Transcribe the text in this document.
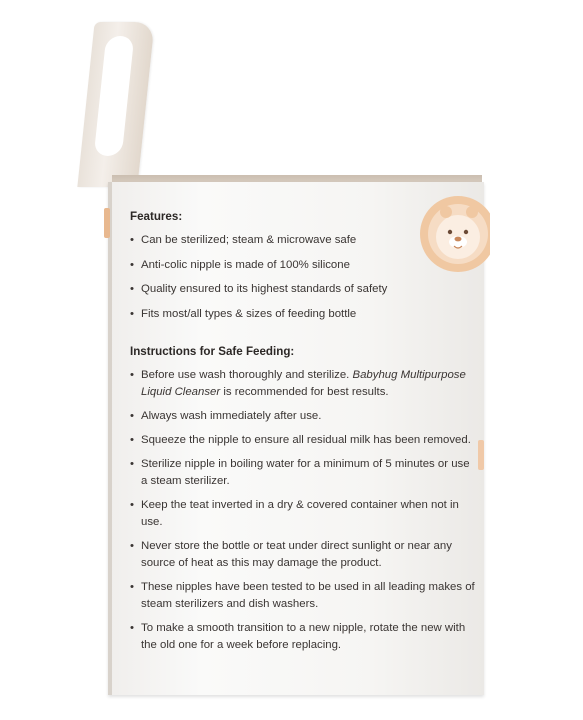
Features:
• Can be sterilized; steam & microwave safe
• Anti-colic nipple is made of 100% silicone
• Quality ensured to its highest standards of safety
• Fits most/all types & sizes of feeding bottle
Instructions for Safe Feeding:
• Before use wash thoroughly and sterilize. Babyhug Multipurpose Liquid Cleanser is recommended for best results.
• Always wash immediately after use.
• Squeeze the nipple to ensure all residual milk has been removed.
• Sterilize nipple in boiling water for a minimum of 5 minutes or use a steam sterilizer.
• Keep the teat inverted in a dry & covered container when not in use.
• Never store the bottle or teat under direct sunlight or near any source of heat as this may damage the product.
• These nipples have been tested to be used in all leading makes of steam sterilizers and dish washers.
• To make a smooth transition to a new nipple, rotate the new with the old one for a week before replacing.
